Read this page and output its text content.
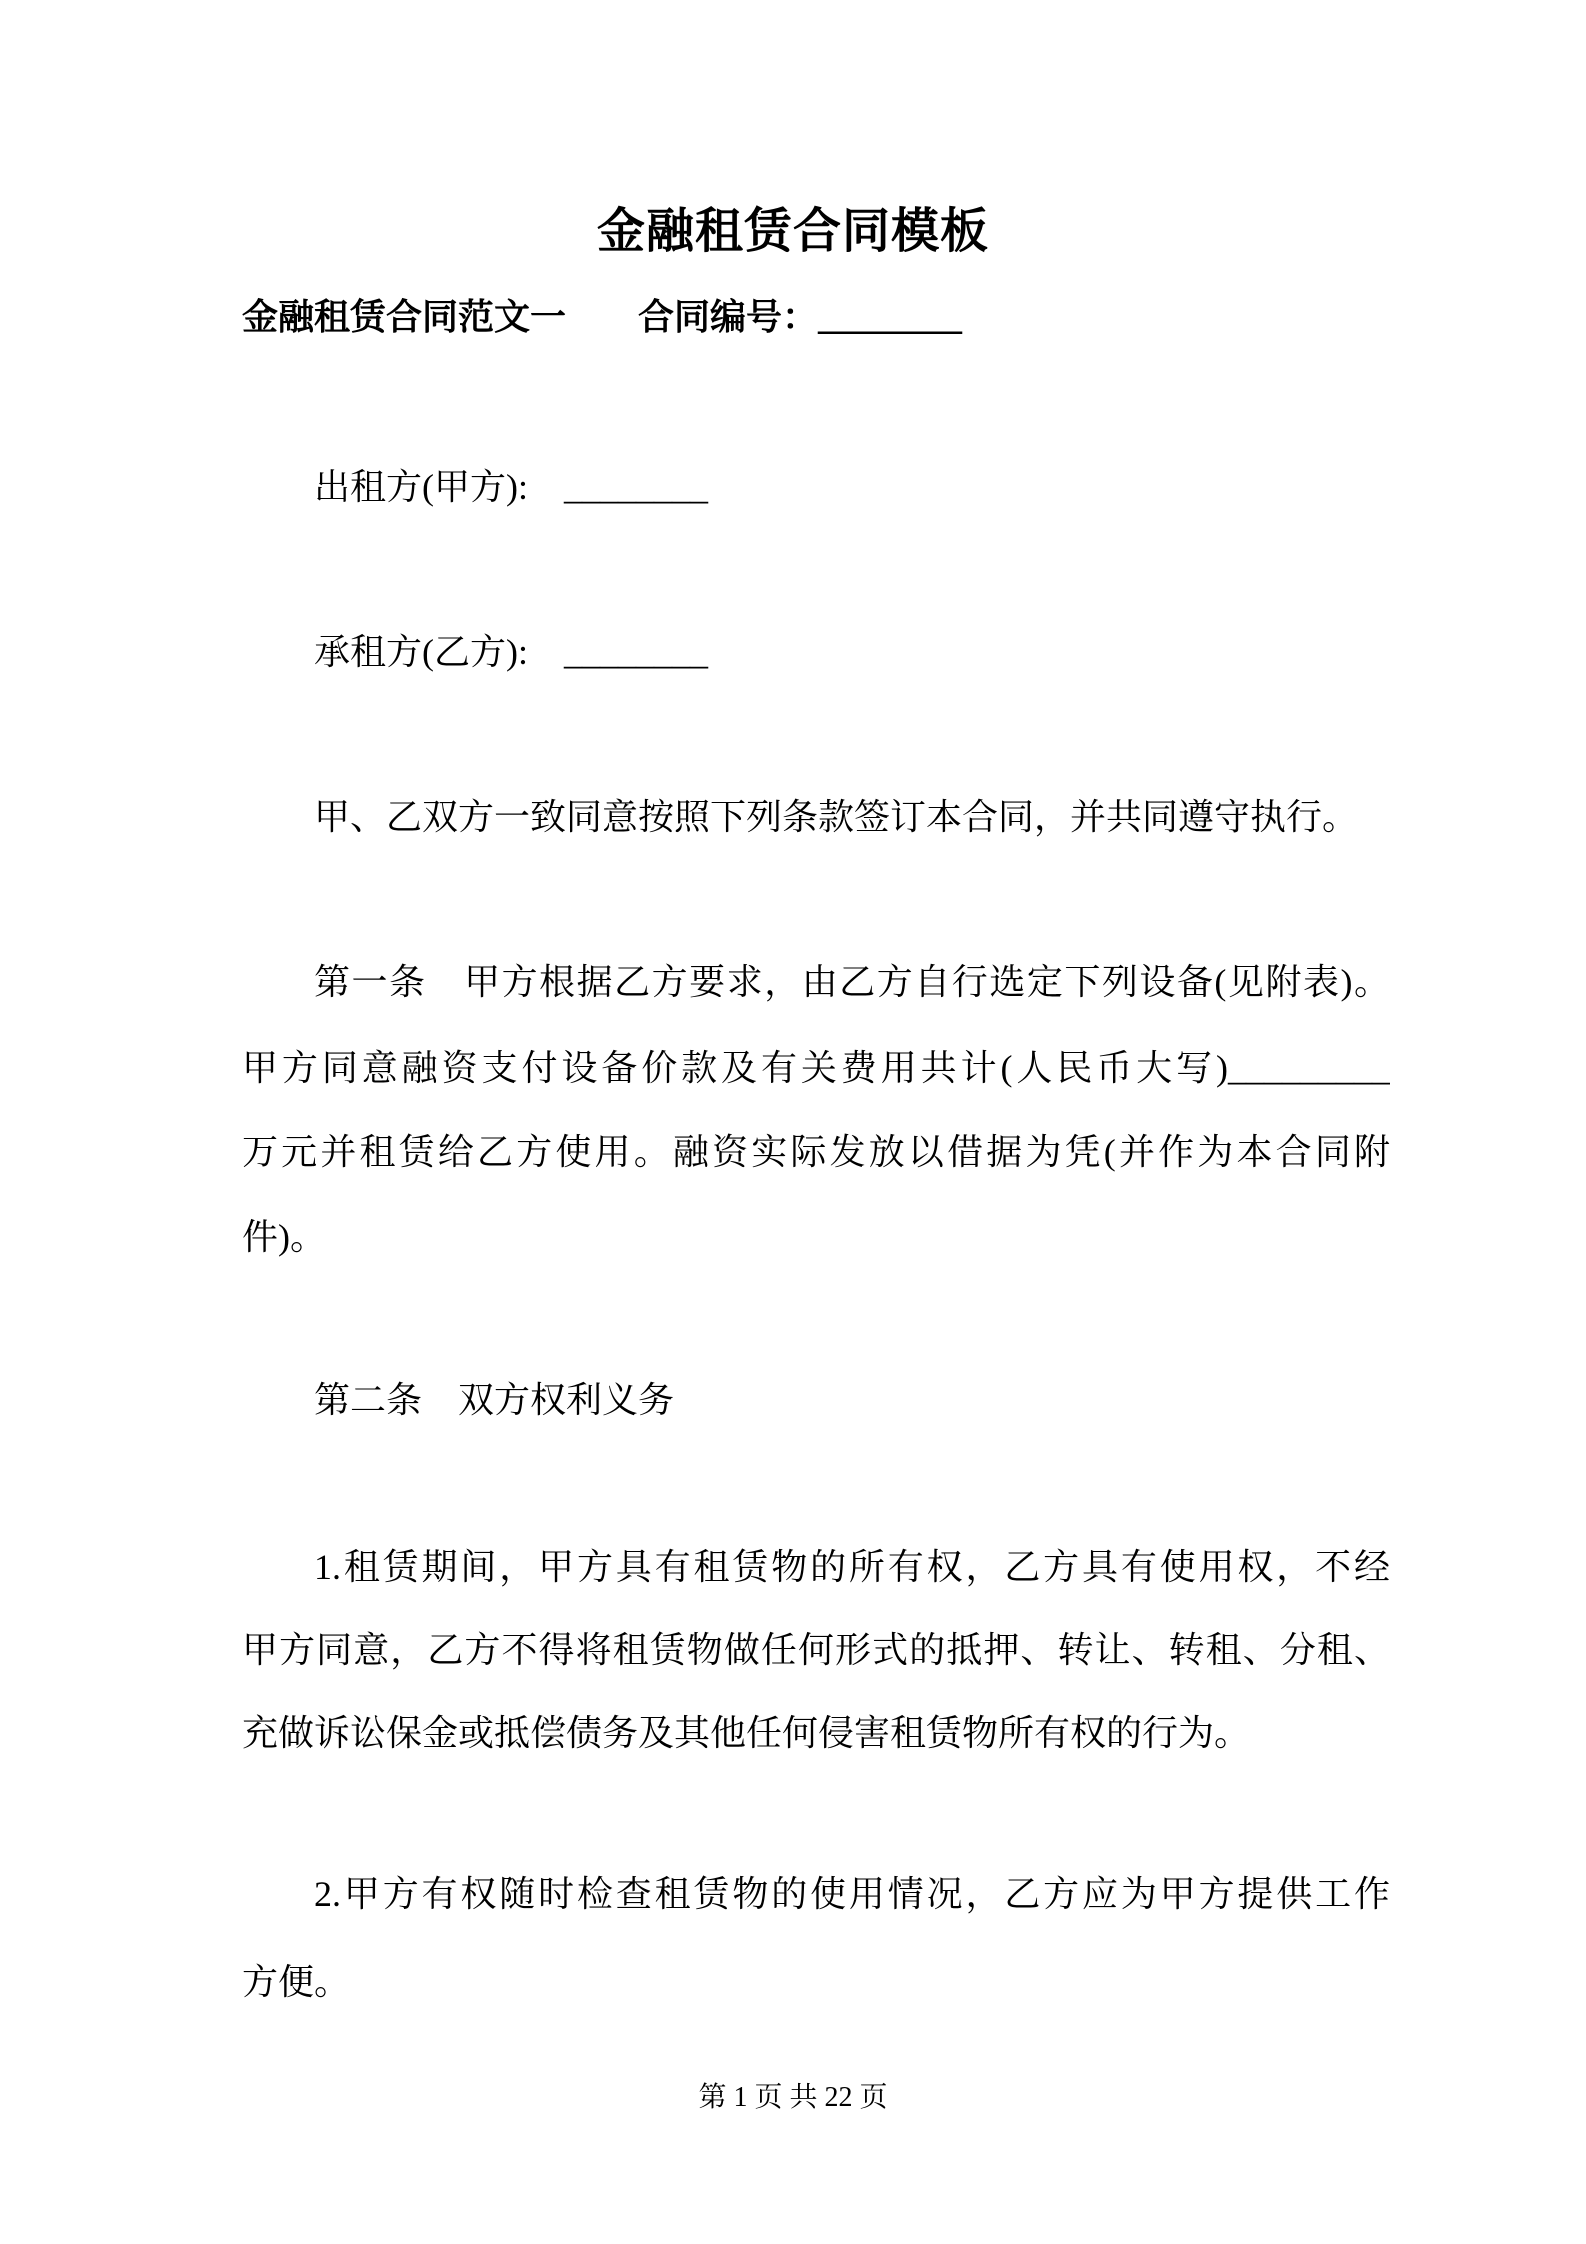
金融租赁合同模板
金融租赁合同范文一　　合同编号：________
出租方(甲方):　________
承租方(乙方):　________
甲、乙双方一致同意按照下列条款签订本合同，并共同遵守执行。
第一条　甲方根据乙方要求，由乙方自行选定下列设备(见附表)。
甲方同意融资支付设备价款及有关费用共计(人民币大写)_________
万元并租赁给乙方使用。融资实际发放以借据为凭(并作为本合同附
件)。
第二条　双方权利义务
1.租赁期间，甲方具有租赁物的所有权，乙方具有使用权，不经
甲方同意，乙方不得将租赁物做任何形式的抵押、转让、转租、分租、
充做诉讼保金或抵偿债务及其他任何侵害租赁物所有权的行为。
2.甲方有权随时检查租赁物的使用情况，乙方应为甲方提供工作
方便。
第 1 页 共 22 页
